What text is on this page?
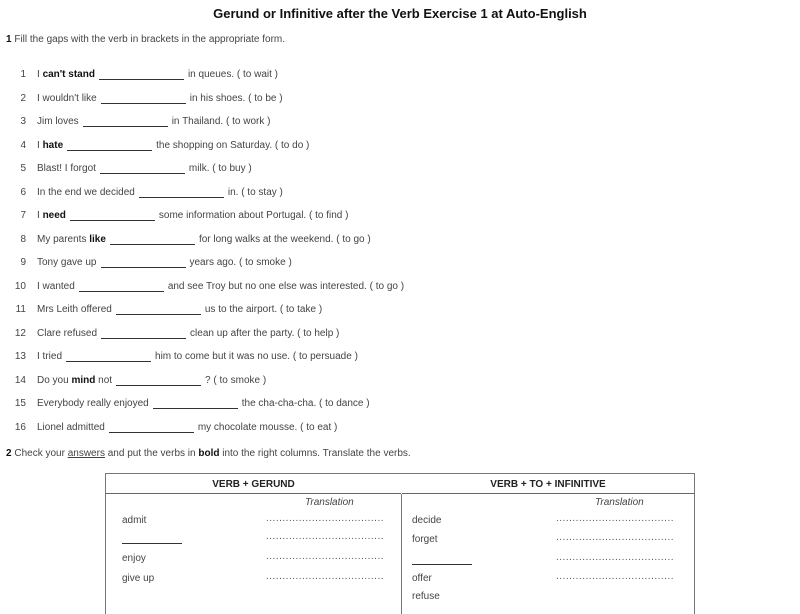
Gerund or Infinitive after the Verb Exercise 1 at Auto-English
1 Fill the gaps with the verb in brackets in the appropriate form.
1 I can't stand	in queues.
( to wait )
2 I wouldn't like	in his shoes.
( to be )
3 Jim loves	in Thailand.
( to work )
4 I hate	the shopping on Saturday.
( to do )
5 Blast! I forgot	milk.
( to buy )
6 In the end we decided	in.
( to stay )
7 I need	some information about Portugal.
( to find )
8 My parents like	for long walks at the weekend.
( to go )
9 Tony gave up	years ago.
( to smoke )
10 I wanted	and see Troy but no one else was interested.
( to go )
11 Mrs Leith offered	us to the airport.
( to take )
12 Clare refused	clean up after the party.
( to help )
13 I tried	him to come but it was no use.
( to persuade )
14 Do you mind not	?
( to smoke )
15 Everybody really enjoyed	the cha-cha-cha.
( to dance )
16 Lionel admitted	my chocolate mousse.
( to eat )
2 Check your answers and put the verbs in bold into the right columns. Translate the verbs.
VERB + GERUND
Translation
admit	....................................
....................................
enjoy	....................................
give up	....................................
VERB + TO + INFINITIVE
Translation
decide	....................................
forget	....................................
....................................
offer	....................................
refuse
